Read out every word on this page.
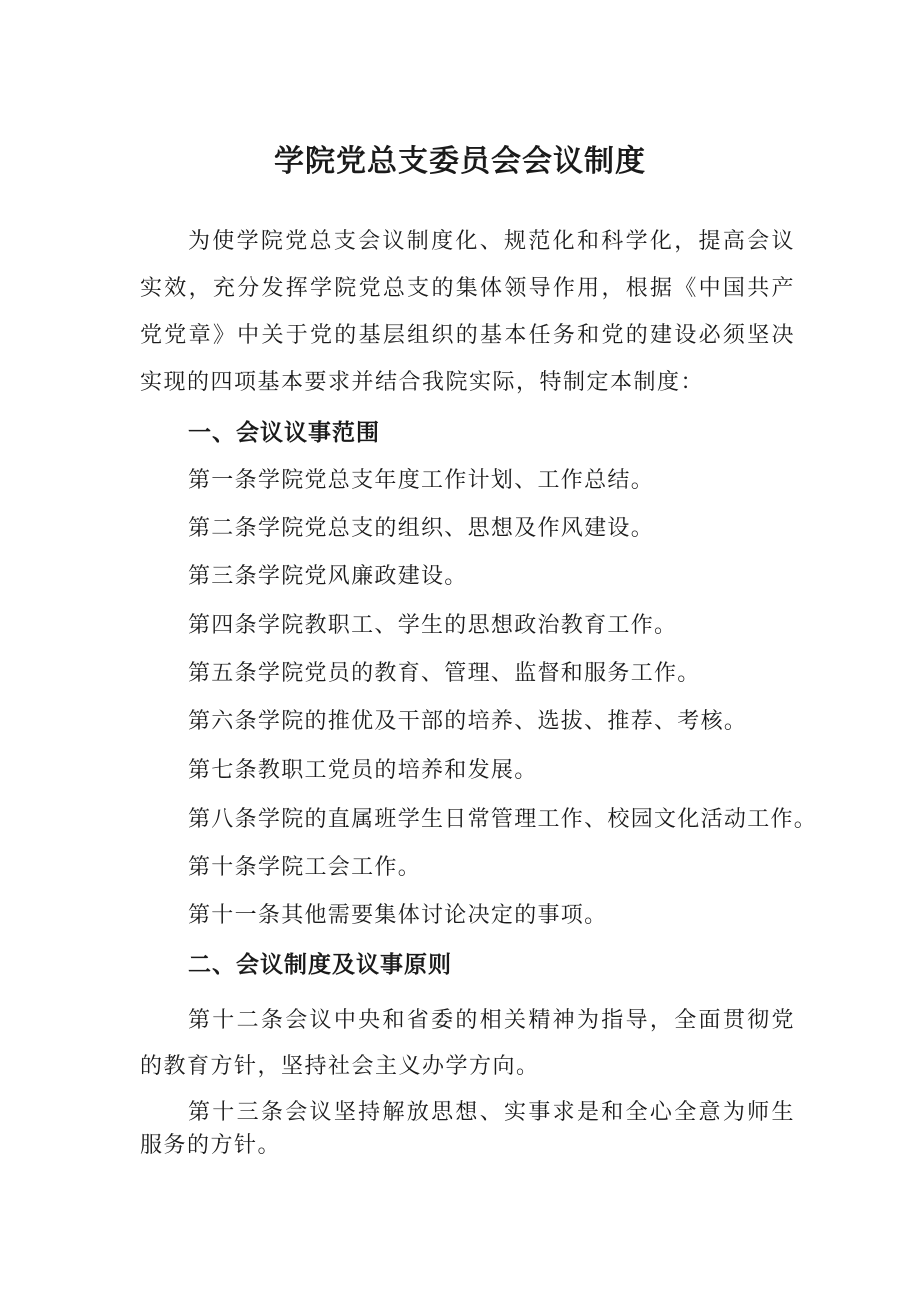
学院党总支委员会会议制度

为使学院党总支会议制度化、规范化和科学化，提高会议实效，充分发挥学院党总支的集体领导作用，根据《中国共产党党章》中关于党的基层组织的基本任务和党的建设必须坚决实现的四项基本要求并结合我院实际，特制定本制度：

一、会议议事范围

第一条学院党总支年度工作计划、工作总结。

第二条学院党总支的组织、思想及作风建设。

第三条学院党风廉政建设。

第四条学院教职工、学生的思想政治教育工作。

第五条学院党员的教育、管理、监督和服务工作。

第六条学院的推优及干部的培养、选拔、推荐、考核。

第七条教职工党员的培养和发展。

第八条学院的直属班学生日常管理工作、校园文化活动工作。

第十条学院工会工作。

第十一条其他需要集体讨论决定的事项。

二、会议制度及议事原则

第十二条会议中央和省委的相关精神为指导，全面贯彻党的教育方针，坚持社会主义办学方向。

第十三条会议坚持解放思想、实事求是和全心全意为师生服务的方针。
